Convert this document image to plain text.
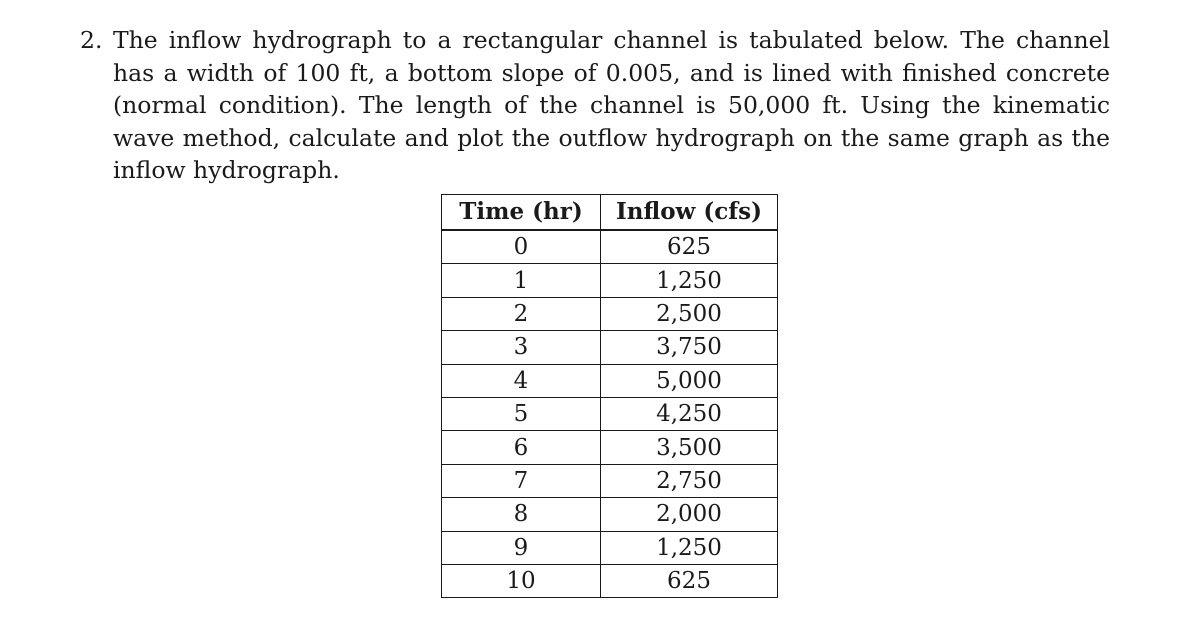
2. The inflow hydrograph to a rectangular channel is tabulated below. The channel has a width of 100 ft, a bottom slope of 0.005, and is lined with finished concrete (normal condition). The length of the channel is 50,000 ft. Using the kinematic wave method, calculate and plot the outflow hydrograph on the same graph as the inflow hydrograph.
Time (hr)	Inflow (cfs)
0	625
1	1,250
2	2,500
3	3,750
4	5,000
5	4,250
6	3,500
7	2,750
8	2,000
9	1,250
10	625
